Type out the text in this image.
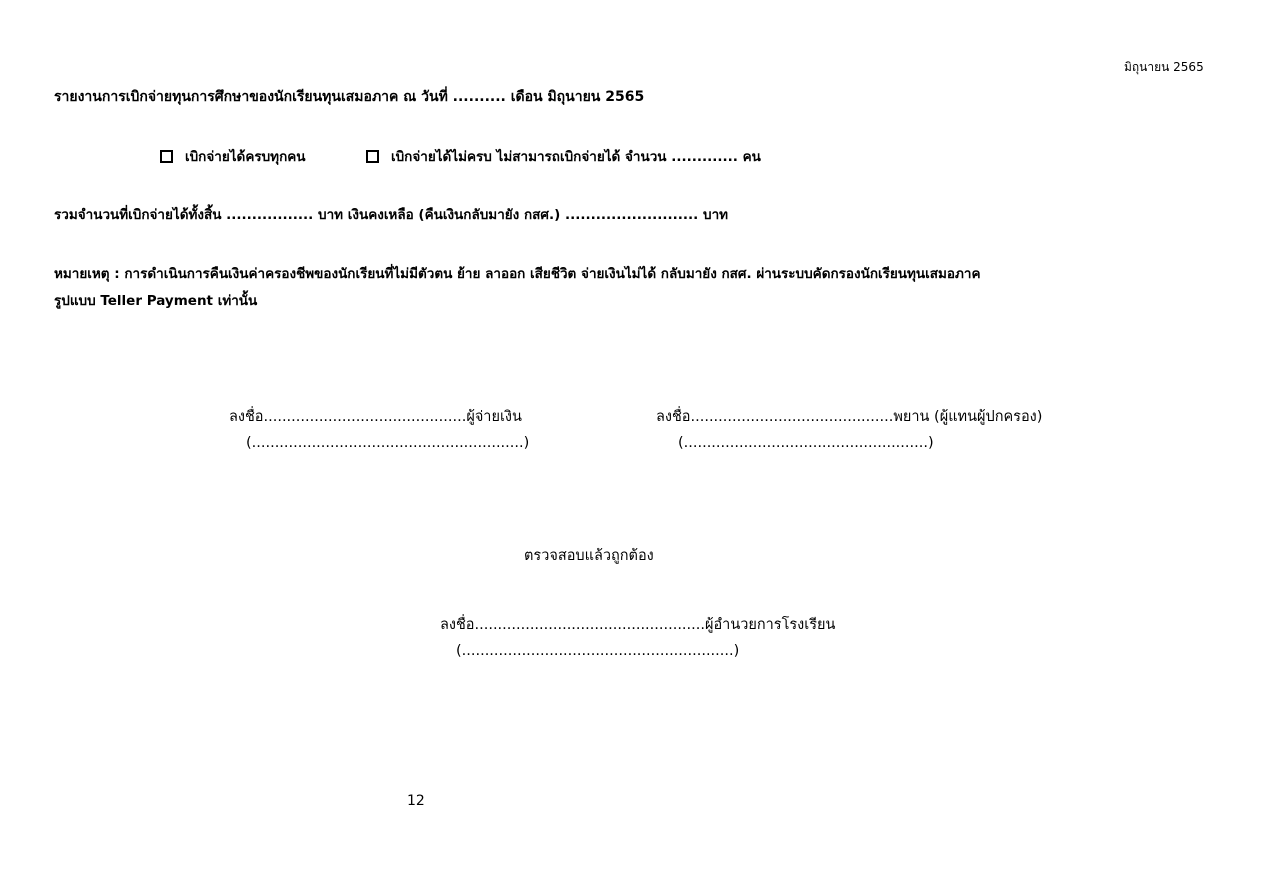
มิถุนายน 2565
รายงานการเบิกจ่ายทุนการศึกษาของนักเรียนทุนเสมอภาค ณ วันที่ .......... เดือน มิถุนายน 2565
เบิกจ่ายได้ครบทุกคน	เบิกจ่ายได้ไม่ครบ ไม่สามารถเบิกจ่ายได้ จำนวน ............. คน
รวมจำนวนที่เบิกจ่ายได้ทั้งสิ้น ................. บาท เงินคงเหลือ (คืนเงินกลับมายัง กสศ.) .......................... บาท
หมายเหตุ : การดำเนินการคืนเงินค่าครองชีพของนักเรียนที่ไม่มีตัวตน ย้าย ลาออก เสียชีวิต จ่ายเงินไม่ได้ กลับมายัง กสศ. ผ่านระบบคัดกรองนักเรียนทุนเสมอภาค
รูปแบบ Teller Payment เท่านั้น
ลงชื่อ............................................ผู้จ่ายเงิน
(...........................................................)
ลงชื่อ............................................พยาน (ผู้แทนผู้ปกครอง)
(.....................................................)
ตรวจสอบแล้วถูกต้อง
ลงชื่อ..................................................ผู้อำนวยการโรงเรียน
(...........................................................)
12
